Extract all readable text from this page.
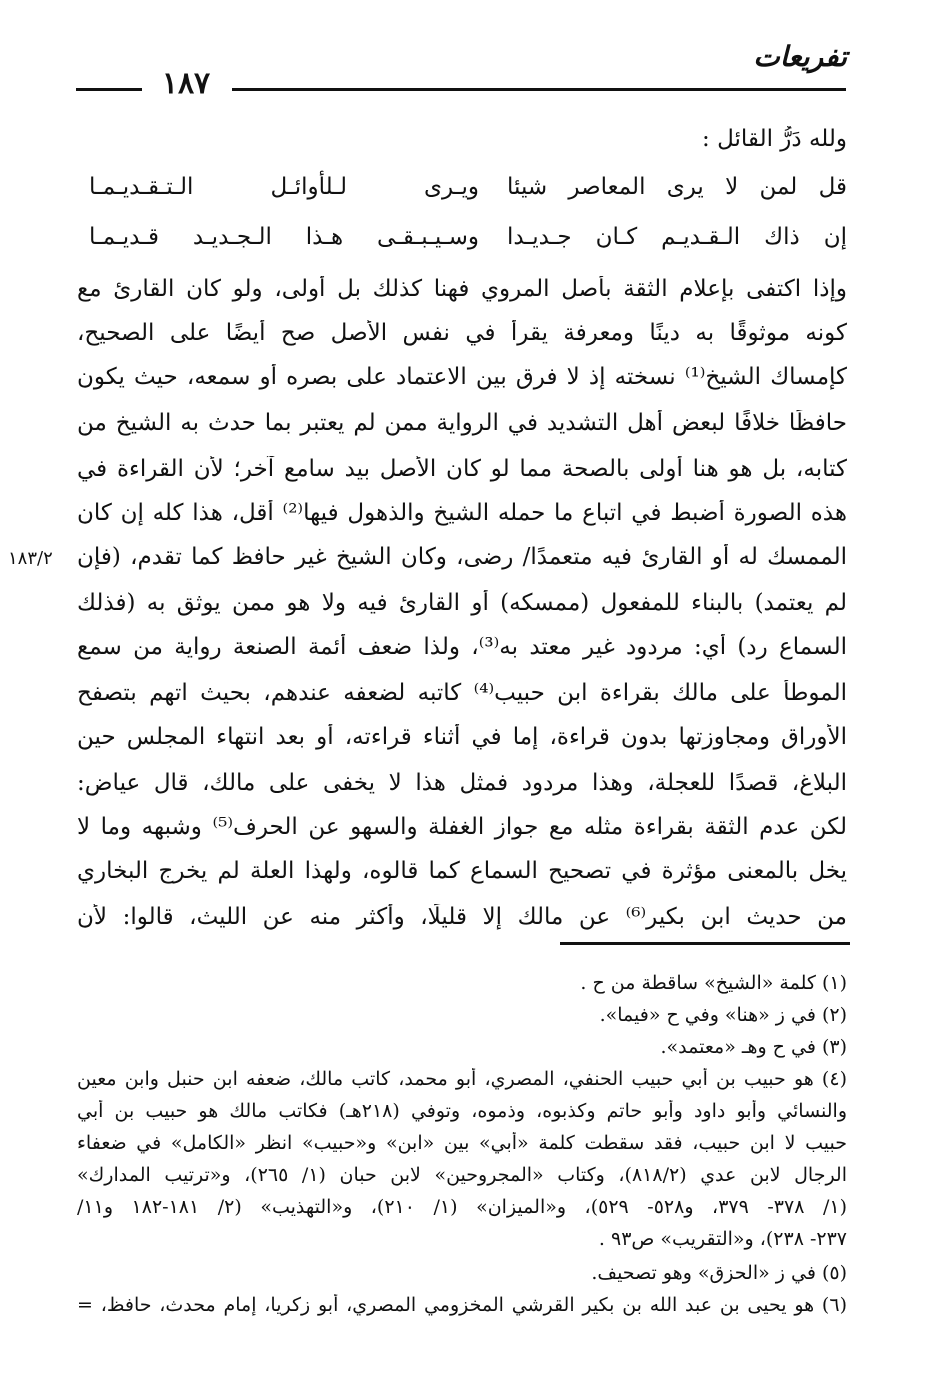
تفريعات
١٨٧
ولله دَرُّ القائل :
قل لمن لا يرى المعاصر شيئا
ويـرى لـلأوائـل الـتـقـديـمـا
إن ذاك الـقـديـم كـان جـديـدا
وسـيـبـقـى هـذا الـجـديـد قـديـمـا
وإذا اكتفى بإعلام الثقة بأصل المروي فهنا كذلك بل أولى، ولو كان القارئ مع
كونه موثوقًا به دينًا ومعرفة يقرأ في نفس الأصل صح أيضًا على الصحيح،
كإمساك الشيخ⁽¹⁾ نسخته إذ لا فرق بين الاعتماد على بصره أو سمعه، حيث يكون
حافظًا خلافًا لبعض أهل التشديد في الرواية ممن لم يعتبر بما حدث به الشيخ من
كتابه، بل هو هنا أولى بالصحة مما لو كان الأصل بيد سامع آخر؛ لأن القراءة في
هذه الصورة أضبط في اتباع ما حمله الشيخ والذهول فيها⁽²⁾ أقل، هذا كله إن كان
الممسك له أو القارئ فيه متعمدًا/ رضى، وكان الشيخ غير حافظ كما تقدم، (فإن
١٨٣/٢
لم يعتمد) بالبناء للمفعول (ممسكه) أو القارئ فيه ولا هو ممن يوثق به (فذلك
السماع رد) أي: مردود غير معتد به⁽³⁾، ولذا ضعف أئمة الصنعة رواية من سمع
الموطأ على مالك بقراءة ابن حبيب⁽⁴⁾ كاتبه لضعفه عندهم، بحيث اتهم بتصفح
الأوراق ومجاوزتها بدون قراءة، إما في أثناء قراءته، أو بعد انتهاء المجلس حين
البلاغ، قصدًا للعجلة، وهذا مردود فمثل هذا لا يخفى على مالك، قال عياض:
لكن عدم الثقة بقراءة مثله مع جواز الغفلة والسهو عن الحرف⁽⁵⁾ وشبهه وما لا
يخل بالمعنى مؤثرة في تصحيح السماع كما قالوه، ولهذا العلة لم يخرج البخاري
من حديث ابن بكير⁽⁶⁾ عن مالك إلا قليلًا، وأكثر منه عن الليث، قالوا: لأن
(١) كلمة «الشيخ» ساقطة من ح .
(٢) في ز «هنا» وفي ح «فيما».
(٣) في ح وهـ «معتمد».
(٤) هو حبيب بن أبي حبيب الحنفي، المصري، أبو محمد، كاتب مالك، ضعفه ابن حنبل وابن معين
والنسائي وأبو داود وأبو حاتم وكذبوه، وذموه، وتوفي (٢١٨هـ) فكاتب مالك هو حبيب بن أبي
حبيب لا ابن حبيب، فقد سقطت كلمة «أبي» بين «ابن» و«حبيب» انظر «الكامل» في ضعفاء
الرجال لابن عدي (٨١٨/٢)، وكتاب «المجروحين» لابن حبان (١/ ٢٦٥)، و«ترتيب المدارك»
(١/ ٣٧٨- ٣٧٩، و٥٢٨- ٥٢٩)، و«الميزان» (١/ ٢١٠)، و«التهذيب» (٢/ ١٨١-١٨٢ و١١/
٢٣٧- ٢٣٨)، و«التقريب» ص٩٣ .
(٥) في ز «الحزق» وهو تصحيف.
(٦) هو يحيى بن عبد الله بن بكير القرشي المخزومي المصري، أبو زكريا، إمام محدث، حافظ، =
